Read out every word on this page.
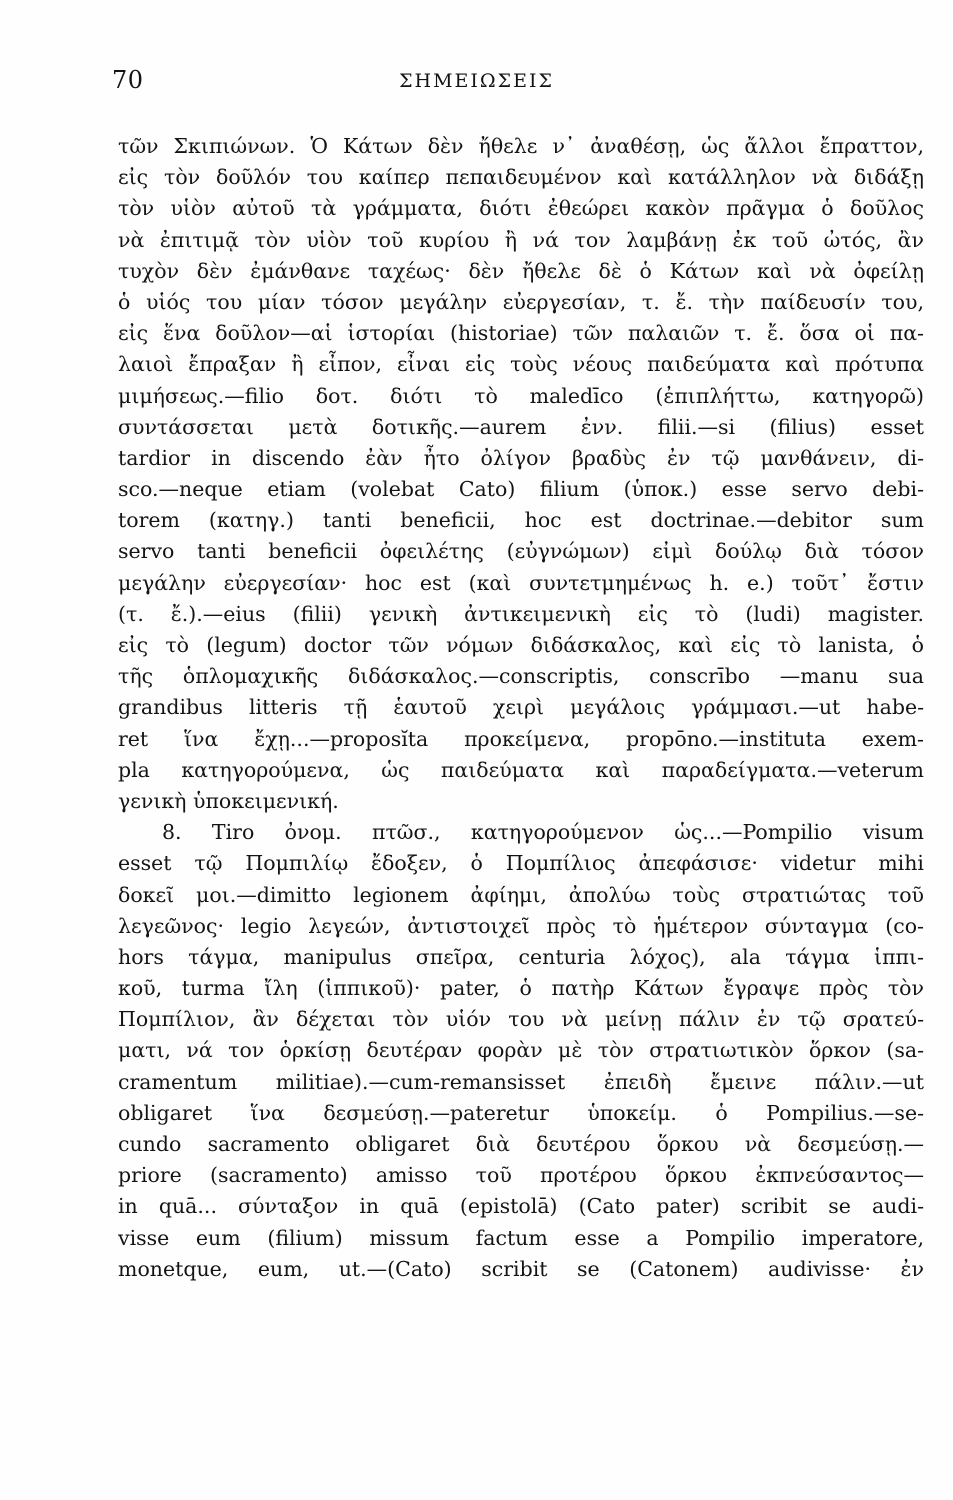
70	ΣΗΜΕΙΩΣΕΙΣ
τῶν Σκιπιώνων. Ὁ Κάτων δὲν ἤθελε ν᾽ ἀναθέσῃ, ὡς ἄλλοι ἔπραττον,
εἰς τὸν δοῦλόν του καίπερ πεπαιδευμένον καὶ κατάλληλον νὰ διδάξῃ
τὸν υἱὸν αὐτοῦ τὰ γράμματα, διότι ἐθεώρει κακὸν πρᾶγμα ὁ δοῦλος
νὰ ἐπιτιμᾷ τὸν υἱὸν τοῦ κυρίου ἢ νά τον λαμβάνῃ ἐκ τοῦ ὠτός, ἂν
τυχὸν δὲν ἐμάνθανε ταχέως· δὲν ἤθελε δὲ ὁ Κάτων καὶ νὰ ὀφείλῃ
ὁ υἱός του μίαν τόσον μεγάλην εὐεργεσίαν, τ. ἔ. τὴν παίδευσίν του,
εἰς ἕνα δοῦλον—αἱ ἱστορίαι (historiae) τῶν παλαιῶν τ. ἔ. ὅσα οἱ πα-
λαιοὶ ἔπραξαν ἢ εἶπον, εἶναι εἰς τοὺς νέους παιδεύματα καὶ πρότυπα
μιμήσεως.—filio δοτ. διότι τὸ maledīco (ἐπιπλήττω, κατηγορῶ)
συντάσσεται μετὰ δοτικῆς.—aurem ἐνν. filii.—si (filius) esset
tardior in discendo ἐὰν ἦτο ὀλίγον βραδὺς ἐν τῷ μανθάνειν, di-
sco.—neque etiam (volebat Cato) filium (ὑποκ.) esse servo debi-
torem (κατηγ.) tanti beneficii, hoc est doctrinae.—debitor sum
servo tanti beneficii ὀφειλέτης (εὐγνώμων) εἰμὶ δούλῳ διὰ τόσον
μεγάλην εὐεργεσίαν· hoc est (καὶ συντετμημένως h. e.) τοῦτ᾽ ἔστιν
(τ. ἔ.).—eius (filii) γενικὴ ἀντικειμενικὴ εἰς τὸ (ludi) magister.
εἰς τὸ (legum) doctor τῶν νόμων διδάσκαλος, καὶ εἰς τὸ lanista, ὁ
τῆς ὁπλομαχικῆς διδάσκαλος.—conscriptis, conscrībo —manu sua
grandibus litteris τῇ ἑαυτοῦ χειρὶ μεγάλοις γράμμασι.—ut habe-
ret ἵνα ἔχῃ...—proposĭta προκείμενα, propōno.—instituta exem-
pla κατηγορούμενα, ὡς παιδεύματα καὶ παραδείγματα.—veterum
γενικὴ ὑποκειμενική.
8. Tiro ὀνομ. πτῶσ., κατηγορούμενον ὡς...—Pompilio visum
esset τῷ Πομπιλίῳ ἔδοξεν, ὁ Πομπίλιος ἀπεφάσισε· videtur mihi
δοκεῖ μοι.—dimitto legionem ἀφίημι, ἀπολύω τοὺς στρατιώτας τοῦ
λεγεῶνος· legio λεγεών, ἀντιστοιχεῖ πρὸς τὸ ἡμέτερον σύνταγμα (co-
hors τάγμα, manipulus σπεῖρα, centuria λόχος), ala τάγμα ἱππι-
κοῦ, turma ἴλη (ἱππικοῦ)· pater, ὁ πατὴρ Κάτων ἔγραψε πρὸς τὸν
Πομπίλιον, ἂν δέχεται τὸν υἱόν του νὰ μείνῃ πάλιν ἐν τῷ σρατεύ-
ματι, νά τον ὁρκίσῃ δευτέραν φορὰν μὲ τὸν στρατιωτικὸν ὅρκον (sa-
cramentum militiae).—cum-remansisset ἐπειδὴ ἔμεινε πάλιν.—ut
obligaret ἵνα δεσμεύσῃ.—pateretur ὑποκείμ. ὁ Pompilius.—se-
cundo sacramento obligaret διὰ δευτέρου ὅρκου νὰ δεσμεύσῃ.—
priore (sacramento) amisso τοῦ προτέρου ὅρκου ἐκπνεύσαντος—
in quā... σύνταξον in quā (epistolā) (Cato pater) scribit se audi-
visse eum (filium) missum factum esse a Pompilio imperatore,
monetque, eum, ut.—(Cato) scribit se (Catonem) audivisse· ἐν
